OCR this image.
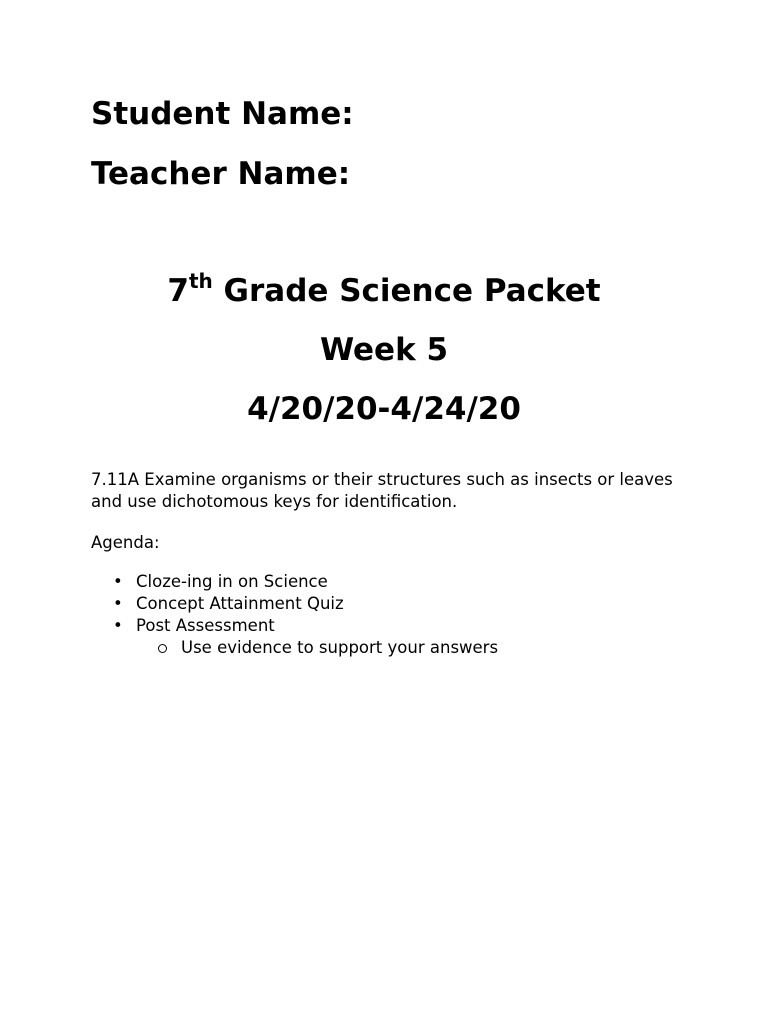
Student Name:

Teacher Name:

7th Grade Science Packet

Week 5

4/20/20-4/24/20

7.11A Examine organisms or their structures such as insects or leaves and use dichotomous keys for identification.

Agenda:

• Cloze-ing in on Science
• Concept Attainment Quiz
• Post Assessment
Use evidence to support your answers
